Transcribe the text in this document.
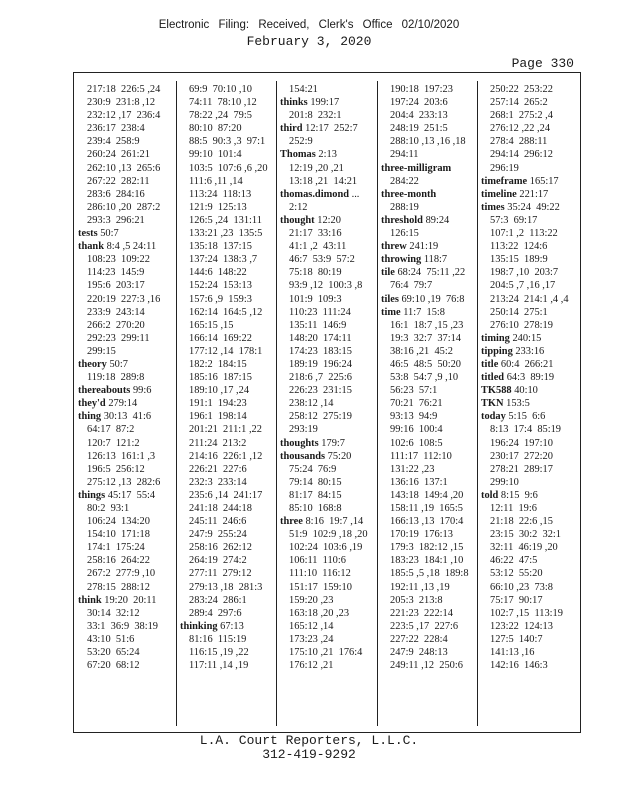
Electronic Filing: Received, Clerk's Office 02/10/2020
February 3, 2020
Page 330
217:18  226:5 ,24
230:9  231:8 ,12
232:12 ,17  236:4
236:17  238:4
239:4  258:9
260:24  261:21
262:10 ,13  265:6
267:22  282:11
283:6  284:16
286:10 ,20  287:2
293:3  296:21
tests 50:7
thank 8:4 ,5 24:11
108:23  109:22
114:23  145:9
195:6  203:17
220:19  227:3 ,16
233:9  243:14
266:2  270:20
292:23  299:11
299:15
theory 50:7
119:18  289:8
thereabouts 99:6
they'd 279:14
thing 30:13  41:6
64:17  87:2
120:7  121:2
126:13  161:1 ,3
196:5  256:12
275:12 ,13  282:6
things 45:17  55:4
80:2  93:1
106:24  134:20
154:10  171:18
174:1  175:24
258:16  264:22
267:2  277:9 ,10
278:15  288:12
think 19:20  20:11
30:14  32:12
33:1  36:9  38:19
43:10  51:6
53:20  65:24
67:20  68:12
69:9  70:10 ,10
74:11  78:10 ,12
78:22 ,24  79:5
80:10  87:20
88:5  90:3 ,3  97:1
99:10  101:4
103:5  107:6 ,6 ,20
111:6 ,11 ,14
113:24  118:13
121:9  125:13
126:5 ,24  131:11
133:21 ,23  135:5
135:18  137:15
137:24  138:3 ,7
144:6  148:22
152:24  153:13
157:6 ,9  159:3
162:14  164:5 ,12
165:15 ,15
166:14  169:22
177:12 ,14  178:1
182:2  184:15
185:16  187:15
189:10 ,17 ,24
191:1  194:23
196:1  198:14
201:21  211:1 ,22
211:24  213:2
214:16  226:1 ,12
226:21  227:6
232:3  233:14
235:6 ,14  241:17
241:18  244:18
245:11  246:6
247:9  255:24
258:16  262:12
264:19  274:2
277:11  279:12
279:13 ,18  281:3
283:24  286:1
289:4  297:6
thinking 67:13
81:16  115:19
116:15 ,19 ,22
117:11 ,14 ,19
154:21
thinks 199:17
201:8  232:1
third 12:17  252:7
252:9
Thomas 2:13
12:19 ,20 ,21
13:18 ,21  14:21
thomas.dimond ...
2:12
thought 12:20
21:17  33:16
41:1 ,2  43:11
46:7  53:9  57:2
75:18  80:19
93:9 ,12  100:3 ,8
101:9  109:3
110:23  111:24
135:11  146:9
148:20  174:11
174:23  183:15
189:19  196:24
218:6 ,7  225:6
226:23  231:15
238:12 ,14
258:12  275:19
293:19
thoughts 179:7
thousands 75:20
75:24  76:9
79:14  80:15
81:17  84:15
85:10  168:8
three 8:16  19:7 ,14
51:9  102:9 ,18 ,20
102:24  103:6 ,19
106:11  110:6
111:10  116:12
151:17  159:10
159:20 ,23
163:18 ,20 ,23
165:12 ,14
173:23 ,24
175:10 ,21  176:4
176:12 ,21
190:18  197:23
197:24  203:6
204:4  233:13
248:19  251:5
288:10 ,13 ,16 ,18
294:11
three-milligram
284:22
three-month
288:19
threshold 89:24
126:15
threw 241:19
throwing 118:7
tile 68:24  75:11 ,22
76:4  79:7
tiles 69:10 ,19  76:8
time 11:7  15:8
16:1  18:7 ,15 ,23
19:3  32:7  37:14
38:16 ,21  45:2
46:5  48:5  50:20
53:8  54:7 ,9 ,10
56:23  57:1
70:21  76:21
93:13  94:9
99:16  100:4
102:6  108:5
111:17  112:10
131:22 ,23
136:16  137:1
143:18  149:4 ,20
158:11 ,19  165:5
166:13 ,13  170:4
170:19  176:13
179:3  182:12 ,15
183:23  184:1 ,10
185:5 ,5 ,18  189:8
192:11 ,13 ,19
205:3  213:8
221:23  222:14
223:5 ,17  227:6
227:22  228:4
247:9  248:13
249:11 ,12  250:6
250:22  253:22
257:14  265:2
268:1  275:2 ,4
276:12 ,22 ,24
278:4  288:11
294:14  296:12
296:19
timeframe 165:17
timeline 221:17
times 35:24  49:22
57:3  69:17
107:1 ,2  113:22
113:22  124:6
135:15  189:9
198:7 ,10  203:7
204:5 ,7 ,16 ,17
213:24  214:1 ,4 ,4
250:14  275:1
276:10  278:19
timing 240:15
tipping 233:16
title 60:4  266:21
titled 64:3  89:19
TK588 40:10
TKN 153:5
today 5:15  6:6
8:13  17:4  85:19
196:24  197:10
230:17  272:20
278:21  289:17
299:10
told 8:15  9:6
12:11  19:6
21:18  22:6 ,15
23:15  30:2  32:1
32:11  46:19 ,20
46:22  47:5
53:12  55:20
66:10 ,23  73:8
75:17  90:17
102:7 ,15  113:19
123:22  124:13
127:5  140:7
141:13 ,16
142:16  146:3
L.A. Court Reporters, L.L.C.
312-419-9292
